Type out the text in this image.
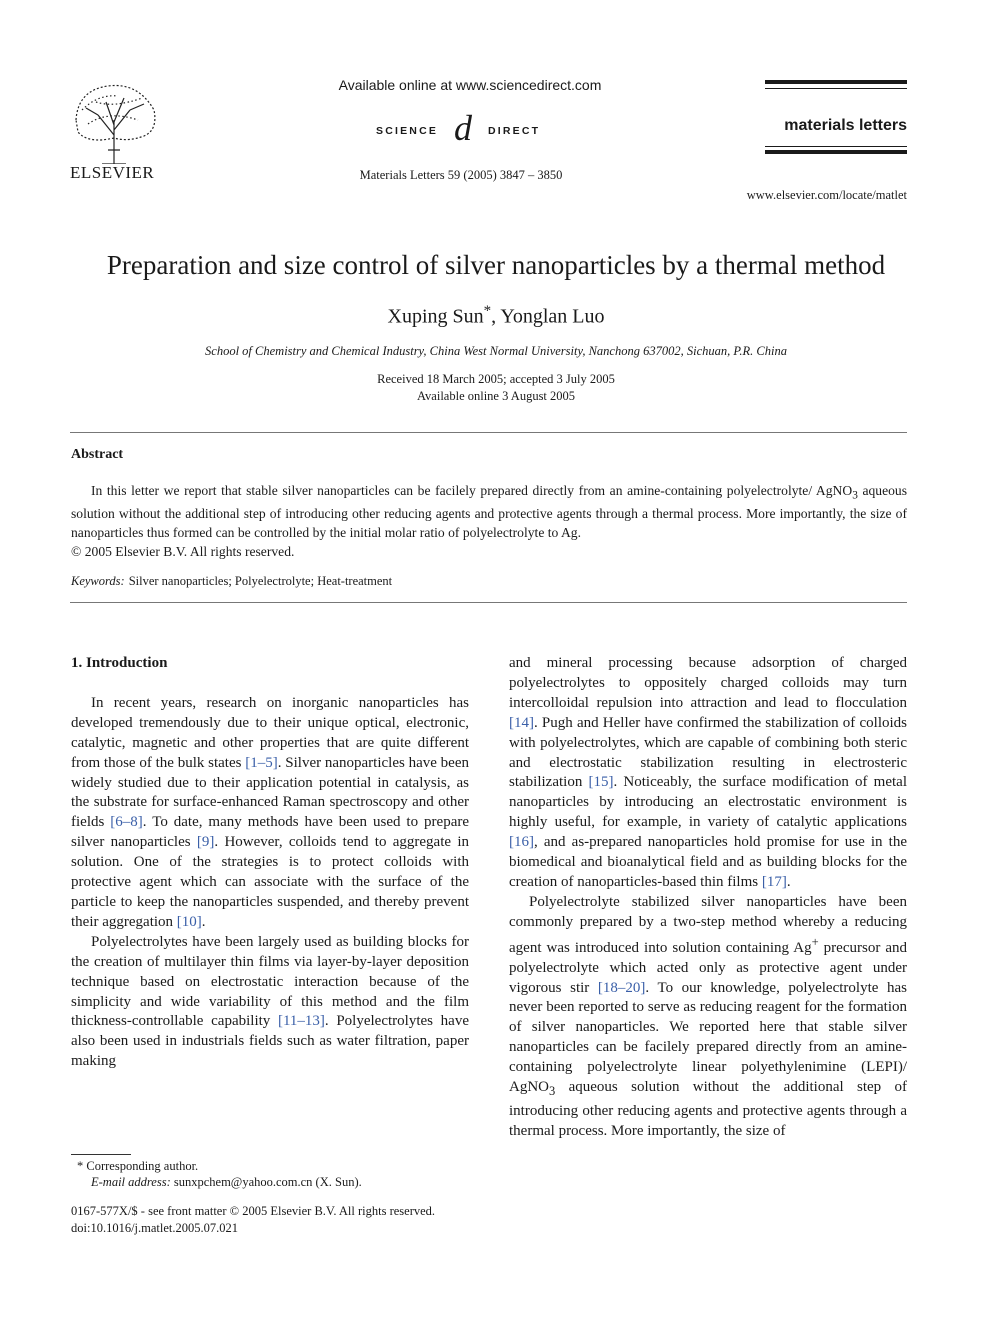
ELSEVIER
Available online at www.sciencedirect.com
SCIENCE d DIRECT
Materials Letters 59 (2005) 3847 – 3850
materials letters
www.elsevier.com/locate/matlet
Preparation and size control of silver nanoparticles by a thermal method
Xuping Sun*, Yonglan Luo
School of Chemistry and Chemical Industry, China West Normal University, Nanchong 637002, Sichuan, P.R. China
Received 18 March 2005; accepted 3 July 2005
Available online 3 August 2005
Abstract

In this letter we report that stable silver nanoparticles can be facilely prepared directly from an amine-containing polyelectrolyte/ AgNO$_3$ aqueous solution without the additional step of introducing other reducing agents and protective agents through a thermal process. More importantly, the size of nanoparticles thus formed can be controlled by the initial molar ratio of polyelectrolyte to Ag.

© 2005 Elsevier B.V. All rights reserved.

Keywords: Silver nanoparticles; Polyelectrolyte; Heat-treatment
1. Introduction

In recent years, research on inorganic nanoparticles has developed tremendously due to their unique optical, electronic, catalytic, magnetic and other properties that are quite different from those of the bulk states [1–5]. Silver nanoparticles have been widely studied due to their application potential in catalysis, as the substrate for surface-enhanced Raman spectroscopy and other fields [6–8]. To date, many methods have been used to prepare silver nanoparticles [9]. However, colloids tend to aggregate in solution. One of the strategies is to protect colloids with protective agent which can associate with the surface of the particle to keep the nanoparticles suspended, and thereby prevent their aggregation [10].

Polyelectrolytes have been largely used as building blocks for the creation of multilayer thin films via layer-by-layer deposition technique based on electrostatic interaction because of the simplicity and wide variability of this method and the film thickness-controllable capability [11–13]. Polyelectrolytes have also been used in industrials fields such as water filtration, paper making

and mineral processing because adsorption of charged polyelectrolytes to oppositely charged colloids may turn intercolloidal repulsion into attraction and lead to flocculation [14]. Pugh and Heller have confirmed the stabilization of colloids with polyelectrolytes, which are capable of combining both steric and electrostatic stabilization resulting in electrosteric stabilization [15]. Noticeably, the surface modification of metal nanoparticles by introducing an electrostatic environment is highly useful, for example, in variety of catalytic applications [16], and as-prepared nanoparticles hold promise for use in the biomedical and bioanalytical field and as building blocks for the creation of nanoparticles-based thin films [17].

Polyelectrolyte stabilized silver nanoparticles have been commonly prepared by a two-step method whereby a reducing agent was introduced into solution containing Ag+ precursor and polyelectrolyte which acted only as protective agent under vigorous stir [18–20]. To our knowledge, polyelectrolyte has never been reported to serve as reducing reagent for the formation of silver nanoparticles. We reported here that stable silver nanoparticles can be facilely prepared directly from an amine-containing polyelectrolyte linear polyethylenimine (LEPI)/ AgNO$_3$ aqueous solution without the additional step of introducing other reducing agents and protective agents through a thermal process. More importantly, the size of

* Corresponding author.
E-mail address: sunxpchem@yahoo.com.cn (X. Sun).
0167-577X/$ - see front matter © 2005 Elsevier B.V. All rights reserved.
doi:10.1016/j.matlet.2005.07.021
